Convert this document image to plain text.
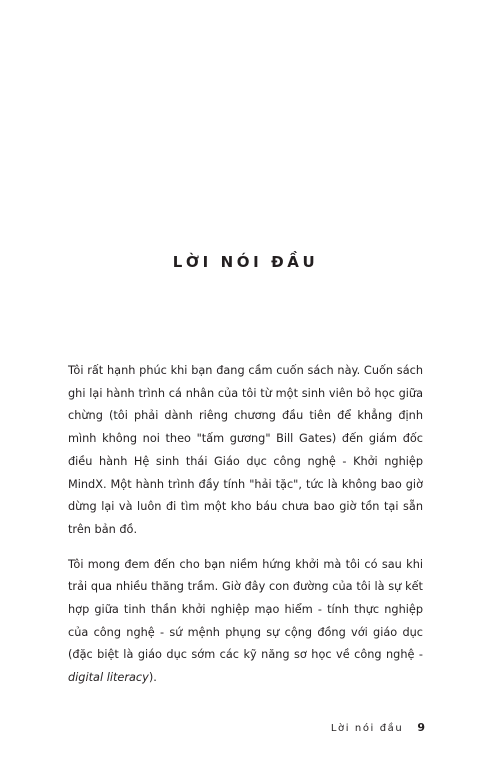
LỜI NÓI ĐẦU

Tôi rất hạnh phúc khi bạn đang cầm cuốn sách này. Cuốn sách ghi lại hành trình cá nhân của tôi từ một sinh viên bỏ học giữa chừng (tôi phải dành riêng chương đầu tiên để khẳng định mình không noi theo "tấm gương" Bill Gates) đến giám đốc điều hành Hệ sinh thái Giáo dục công nghệ - Khởi nghiệp MindX. Một hành trình đầy tính "hải tặc", tức là không bao giờ dừng lại và luôn đi tìm một kho báu chưa bao giờ tồn tại sẵn trên bản đồ.

Tôi mong đem đến cho bạn niềm hứng khởi mà tôi có sau khi trải qua nhiều thăng trầm. Giờ đây con đường của tôi là sự kết hợp giữa tinh thần khởi nghiệp mạo hiểm - tính thực nghiệp của công nghệ - sứ mệnh phụng sự cộng đồng với giáo dục (đặc biệt là giáo dục sớm các kỹ năng sơ học về công nghệ - digital literacy).

Lời nói đầu 9
